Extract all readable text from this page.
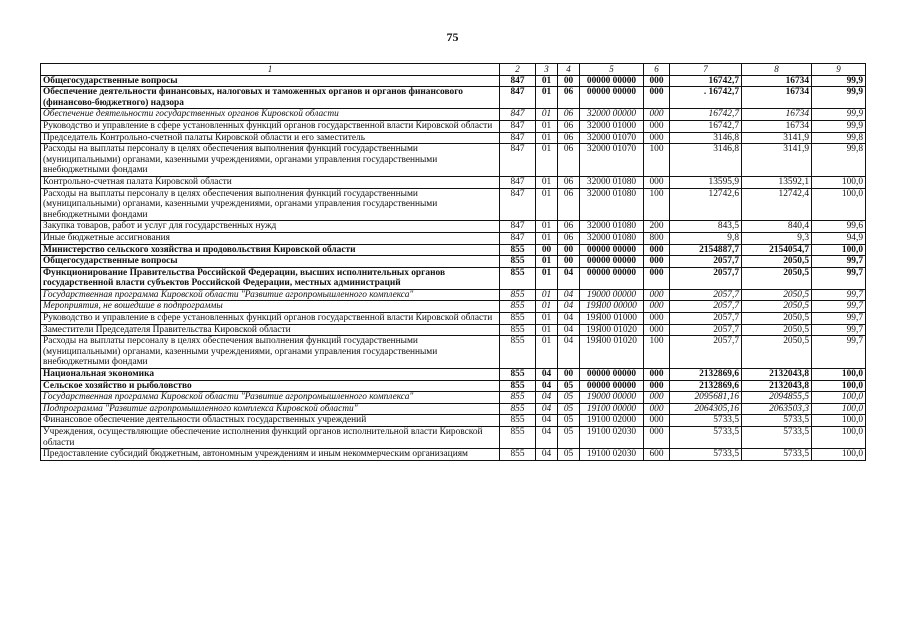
75
1	2	3	4	5	6	7	8	9
Общегосударственные вопросы	847	01	00	00000 00000	000	16742,7	16734	99,9
Обеспечение деятельности финансовых, налоговых и таможенных органов и органов финансового (финансово-бюджетного) надзора	847	01	06	00000 00000	000	. 16742,7	16734	99,9
Обеспечение деятельности государственных органов Кировской области	847	01	06	32000 00000	000	16742,7	16734	99,9
Руководство и управление в сфере установленных функций органов государственной власти Кировской области	847	01	06	32000 01000	000	16742,7	16734	99,9
Председатель Контрольно-счетной палаты Кировской области и его заместитель	847	01	06	32000 01070	000	3146,8	3141,9	99,8
Расходы на выплаты персоналу в целях обеспечения выполнения функций государственными (муниципальными) органами, казенными учреждениями, органами управления государственными внебюджетными фондами	847	01	06	32000 01070	100	3146,8	3141,9	99,8
Контрольно-счетная палата Кировской области	847	01	06	32000 01080	000	13595,9	13592,1	100,0
Расходы на выплаты персоналу в целях обеспечения выполнения функций государственными (муниципальными) органами, казенными учреждениями, органами управления государственными внебюджетными фондами	847	01	06	32000 01080	100	12742,6	12742,4	100,0
Закупка товаров, работ и услуг для государственных нужд	847	01	06	32000 01080	200	843,5	840,4	99,6
Иные бюджетные ассигнования	847	01	06	32000 01080	800	9,8	9,3	94,9
Министерство сельского хозяйства и продовольствия Кировской области	855	00	00	00000 00000	000	2154887,7	2154054,7	100,0
Общегосударственные вопросы	855	01	00	00000 00000	000	2057,7	2050,5	99,7
Функционирование Правительства Российской Федерации, высших исполнительных органов государственной власти субъектов Российской Федерации, местных администраций	855	01	04	00000 00000	000	2057,7	2050,5	99,7
Государственная программа Кировской области "Развитие агропромышленного комплекса"	855	01	04	19000 00000	000	2057,7	2050,5	99,7
Мероприятия, не вошедшие в подпрограммы	855	01	04	19Я00 00000	000	2057,7	2050,5	99,7
Руководство и управление в сфере установленных функций органов государственной власти Кировской области	855	01	04	19Я00 01000	000	2057,7	2050,5	99,7
Заместители Председателя Правительства Кировской области	855	01	04	19Я00 01020	000	2057,7	2050,5	99,7
Расходы на выплаты персоналу в целях обеспечения выполнения функций государственными (муниципальными) органами, казенными учреждениями, органами управления государственными внебюджетными фондами	855	01	04	19Я00 01020	100	2057,7	2050,5	99,7
Национальная экономика	855	04	00	00000 00000	000	2132869,6	2132043,8	100,0
Сельское хозяйство и рыболовство	855	04	05	00000 00000	000	2132869,6	2132043,8	100,0
Государственная программа Кировской области "Развитие агропромышленного комплекса"	855	04	05	19000 00000	000	2095681,16	2094855,5	100,0
Подпрограмма "Развитие агропромышленного комплекса Кировской области"	855	04	05	19100 00000	000	2064305,16	2063503,3	100,0
Финансовое обеспечение деятельности областных государственных учреждений	855	04	05	19100 02000	000	5733,5	5733,5	100,0
Учреждения, осуществляющие обеспечение исполнения функций органов исполнительной власти Кировской области	855	04	05	19100 02030	000	5733,5	5733,5	100,0
Предоставление субсидий бюджетным, автономным учреждениям и иным некоммерческим организациям	855	04	05	19100 02030	600	5733,5	5733,5	100,0
